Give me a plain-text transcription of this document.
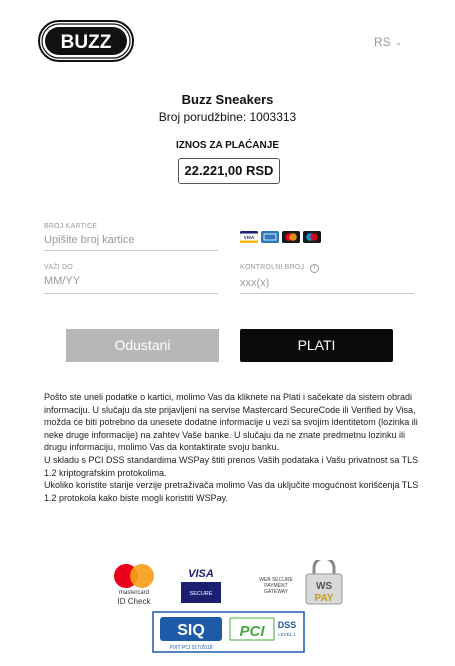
BUZZ	RS ⌄
Buzz Sneakers
Broj porudžbine: 1003313
IZNOS ZA PLAĆANJE
22.221,00 RSD
BROJ KARTICE
Upišite broj kartice
VISA
VAŽI DO
MM/YY	KONTROLNI BROJ I
xxx(x)
Odustani	PLATI

Pošto ste uneli podatke o kartici, molimo Vas da kliknete na Plati i sačekate da sistem obradi informaciju. U slučaju da ste prijavljeni na servise Mastercard SecureCode ili Verified by Visa, možda će biti potrebno da unesete dodatne informacije u vezi sa svojim identitetom (lozinka ili neke druge informacije) na zahtev Vaše banke. U slučaju da ne znate predmetnu lozinku ili drugu informaciju, molimo Vas da kontaktirate svoju banku.

U skladu s PCI DSS standardima WSPay štiti prenos Vaših podataka i Vašu privatnost sa TLS 1.2 kriptografskim protokolima.

Ukoliko koristite starije verzije pretraživača molimo Vas da uključite mogućnost korišćenja TLS 1.2 protokola kako biste mogli koristiti WSPay.

mastercard
ID Check
VISA
SECURE
WEB SECURE
PAYMENT
GATEWAY	WS
PAY
SIQ
PVIT PCI 017/2018
PCI DSS
LEVEL 1
